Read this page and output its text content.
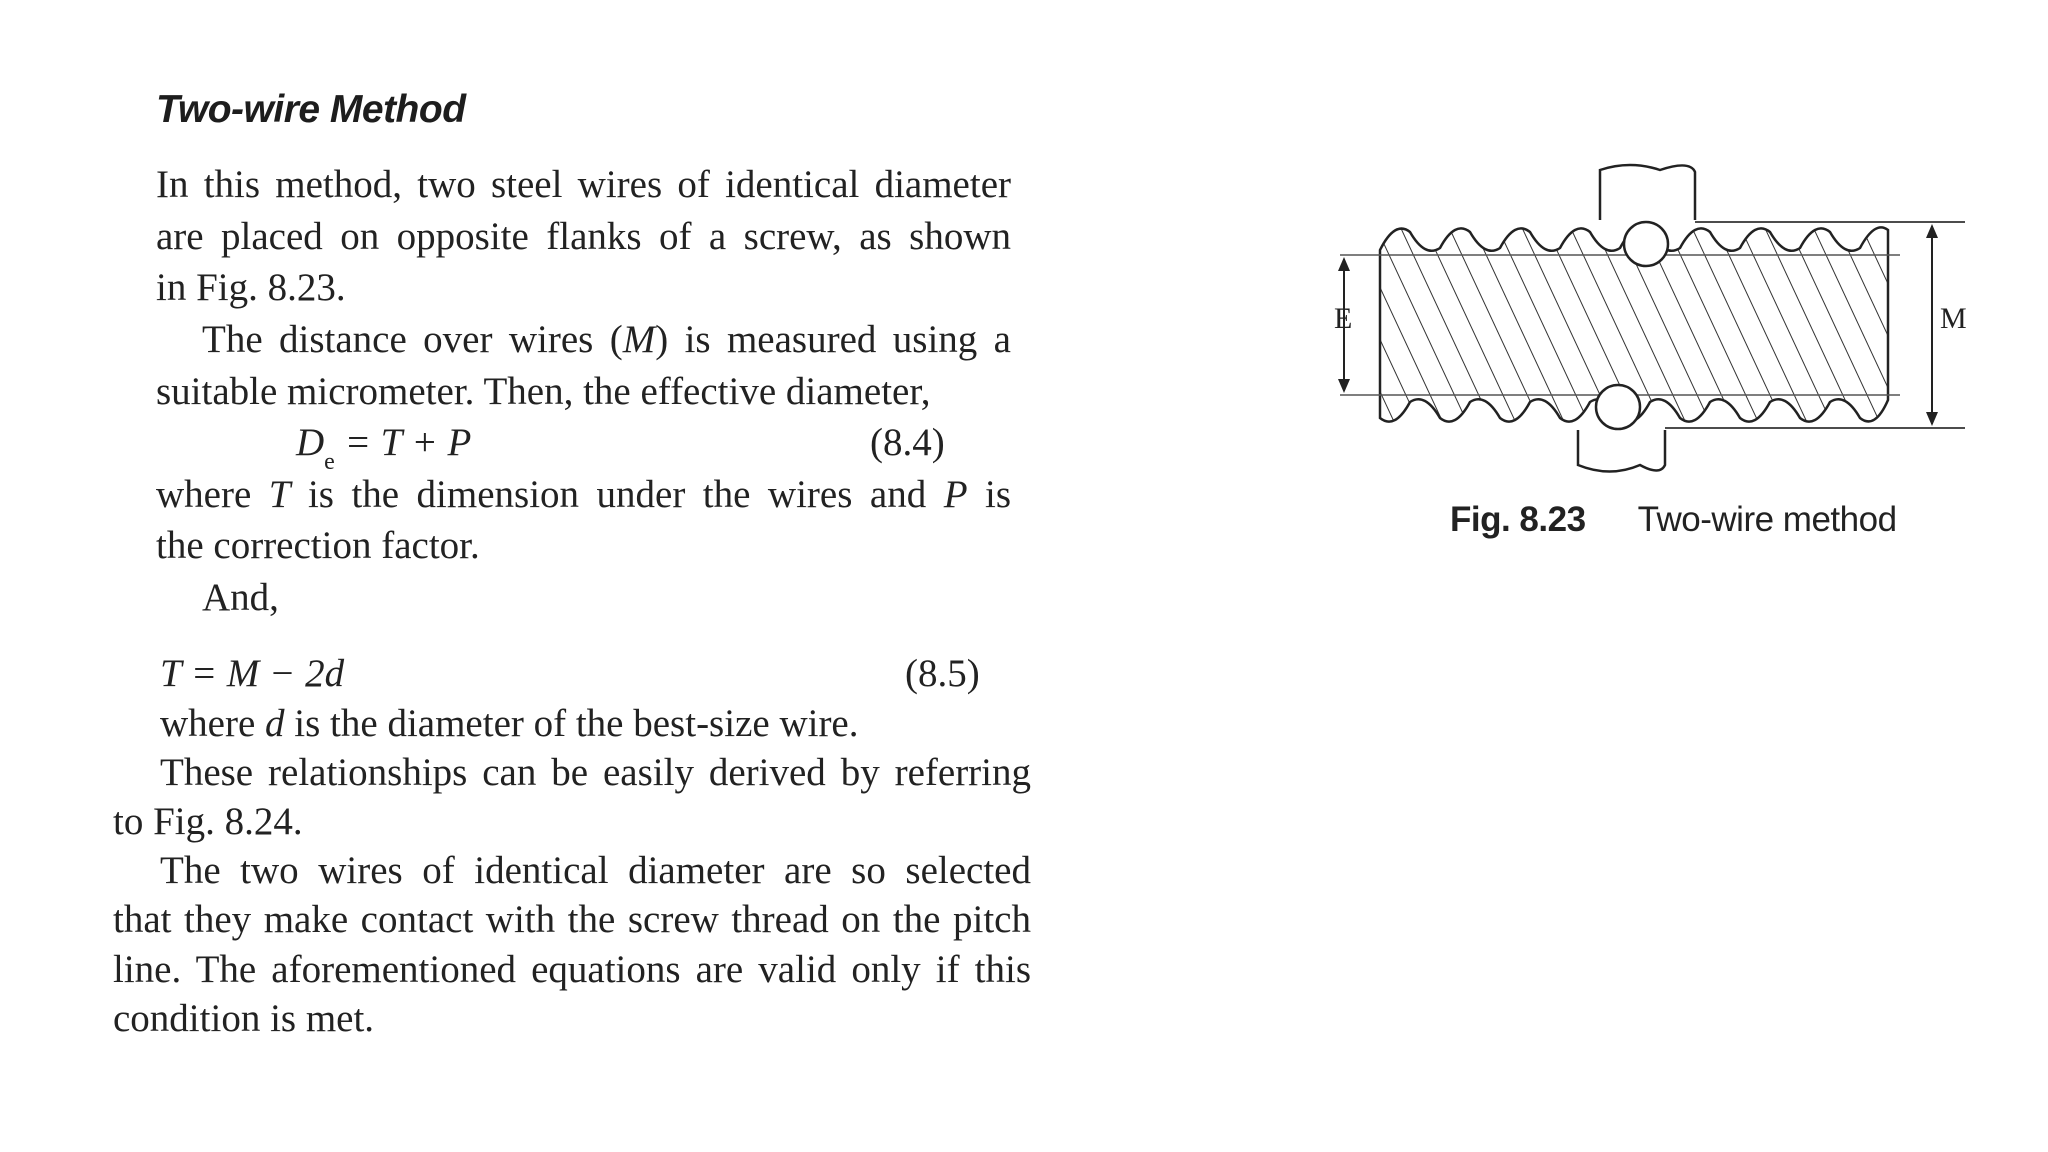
Two-wire Method
In this method, two steel wires of identical diameter
are placed on opposite flanks of a screw, as shown
in Fig. 8.23.
The distance over wires (M) is measured using a
suitable micrometer. Then, the effective diameter,
$D_e = T + P$	(8.4)
where T is the dimension under the wires and P is
the correction factor.
And,
T = M − 2d	(8.5)
where d is the diameter of the best-size wire.
These relationships can be easily derived by referring
to Fig. 8.24.
The two wires of identical diameter are so selected
that they make contact with the screw thread on the pitch
line. The aforementioned equations are valid only if this
condition is met.
M
E
Fig. 8.23 Two-wire method
